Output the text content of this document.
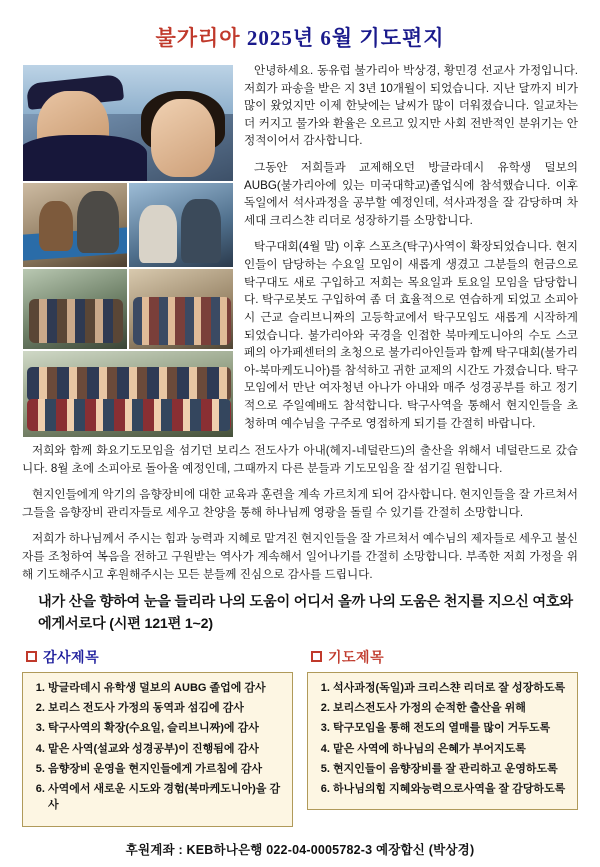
불가리아 2025년 6월 기도편지

안녕하세요. 동유럽 불가리아 박상경, 황민경 선교사 가정입니다. 저희가 파송을 받은 지 3년 10개월이 되었습니다. 지난 달까지 비가 많이 왔었지만 이제 한낮에는 날씨가 많이 더워졌습니다. 일교차는 더 커지고 물가와 환율은 오르고 있지만 사회 전반적인 분위기는 안정적이어서 감사합니다.

그동안 저희들과 교제해오던 방글라데시 유학생 덜보의 AUBG(불가리아에 있는 미국대학교)졸업식에 참석했습니다. 이후 독일에서 석사과정을 공부할 예정인데, 석사과정을 잘 감당하며 차세대 크리스챤 리더로 성장하기를 소망합니다.

탁구대회(4월 말) 이후 스포츠(탁구)사역이 확장되었습니다. 현지인들이 담당하는 수요일 모임이 새롭게 생겼고 그분들의 헌금으로 탁구대도 새로 구입하고 저희는 목요일과 토요일 모임을 담당합니다. 탁구로봇도 구입하여 좀 더 효율적으로 연습하게 되었고 소피아시 근교 슬리브니짜의 고등학교에서 탁구모임도 새롭게 시작하게 되었습니다. 불가리아와 국경을 인접한 북마케도니아의 수도 스코페의 아가페센터의 초청으로 불가리아인들과 함께 탁구대회(불가리아-북마케도니아)를 참석하고 귀한 교제의 시간도 가졌습니다. 탁구모임에서 만난 여자청년 아나가 아내와 매주 성경공부를 하고 정기적으로 주일예배도 참석합니다. 탁구사역을 통해서 현지인들을 초청하며 예수님을 구주로 영접하게 되기를 간절히 바랍니다.

저희와 함께 화요기도모임을 섬기던 보리스 전도사가 아내(헤지-네덜란드)의 출산을 위해서 네덜란드로 갔습니다. 8월 초에 소피아로 돌아올 예정인데, 그때까지 다른 분들과 기도모임을 잘 섬기길 원합니다.

현지인들에게 악기의 음향장비에 대한 교육과 훈련을 계속 가르치게 되어 감사합니다. 현지인들을 잘 가르쳐서 그들을 음향장비 관리자들로 세우고 찬양을 통해 하나님께 영광을 돌릴 수 있기를 간절히 소망합니다.

저희가 하나님께서 주시는 힘과 능력과 지혜로 맡겨진 현지인들을 잘 가르쳐서 예수님의 제자들로 세우고 불신자를 조청하여 복음을 전하고 구원받는 역사가 계속해서 일어나기를 간절히 소망합니다. 부족한 저희 가정을 위해 기도해주시고 후원해주시는 모든 분들께 진심으로 감사를 드립니다.

내가 산을 향하여 눈을 들리라 나의 도움이 어디서 올까 나의 도움은 천지를 지으신 여호와에게서로다 (시편 121편 1~2)
감사제목
1. 방글라데시 유학생 덜보의 AUBG 졸업에 감사
2. 보리스 전도사 가정의 동역과 섬김에 감사
3. 탁구사역의 확장(수요일, 슬리브니짜)에 감사
4. 맡은 사역(설교와 성경공부)이 진행됨에 감사
5. 음향장비 운영을 현지인들에게 가르침에 감사
6. 사역에서 새로운 시도와 경험(북마케도니아)을 감사
기도제목
1. 석사과정(독일)과 크리스챤 리더로 잘 성장하도록
2. 보리스전도사 가정의 순적한 출산을 위해
3. 탁구모임을 통해 전도의 열매를 많이 거두도록
4. 맡은 사역에 하나님의 은혜가 부어지도록
5. 현지인들이 음향장비를 잘 관리하고 운영하도록
6. 하나님의힘 지혜와능력으로사역을 잘 감당하도록
후원계좌 : KEB하나은행 022-04-0005782-3 예장합신 (박상경)
